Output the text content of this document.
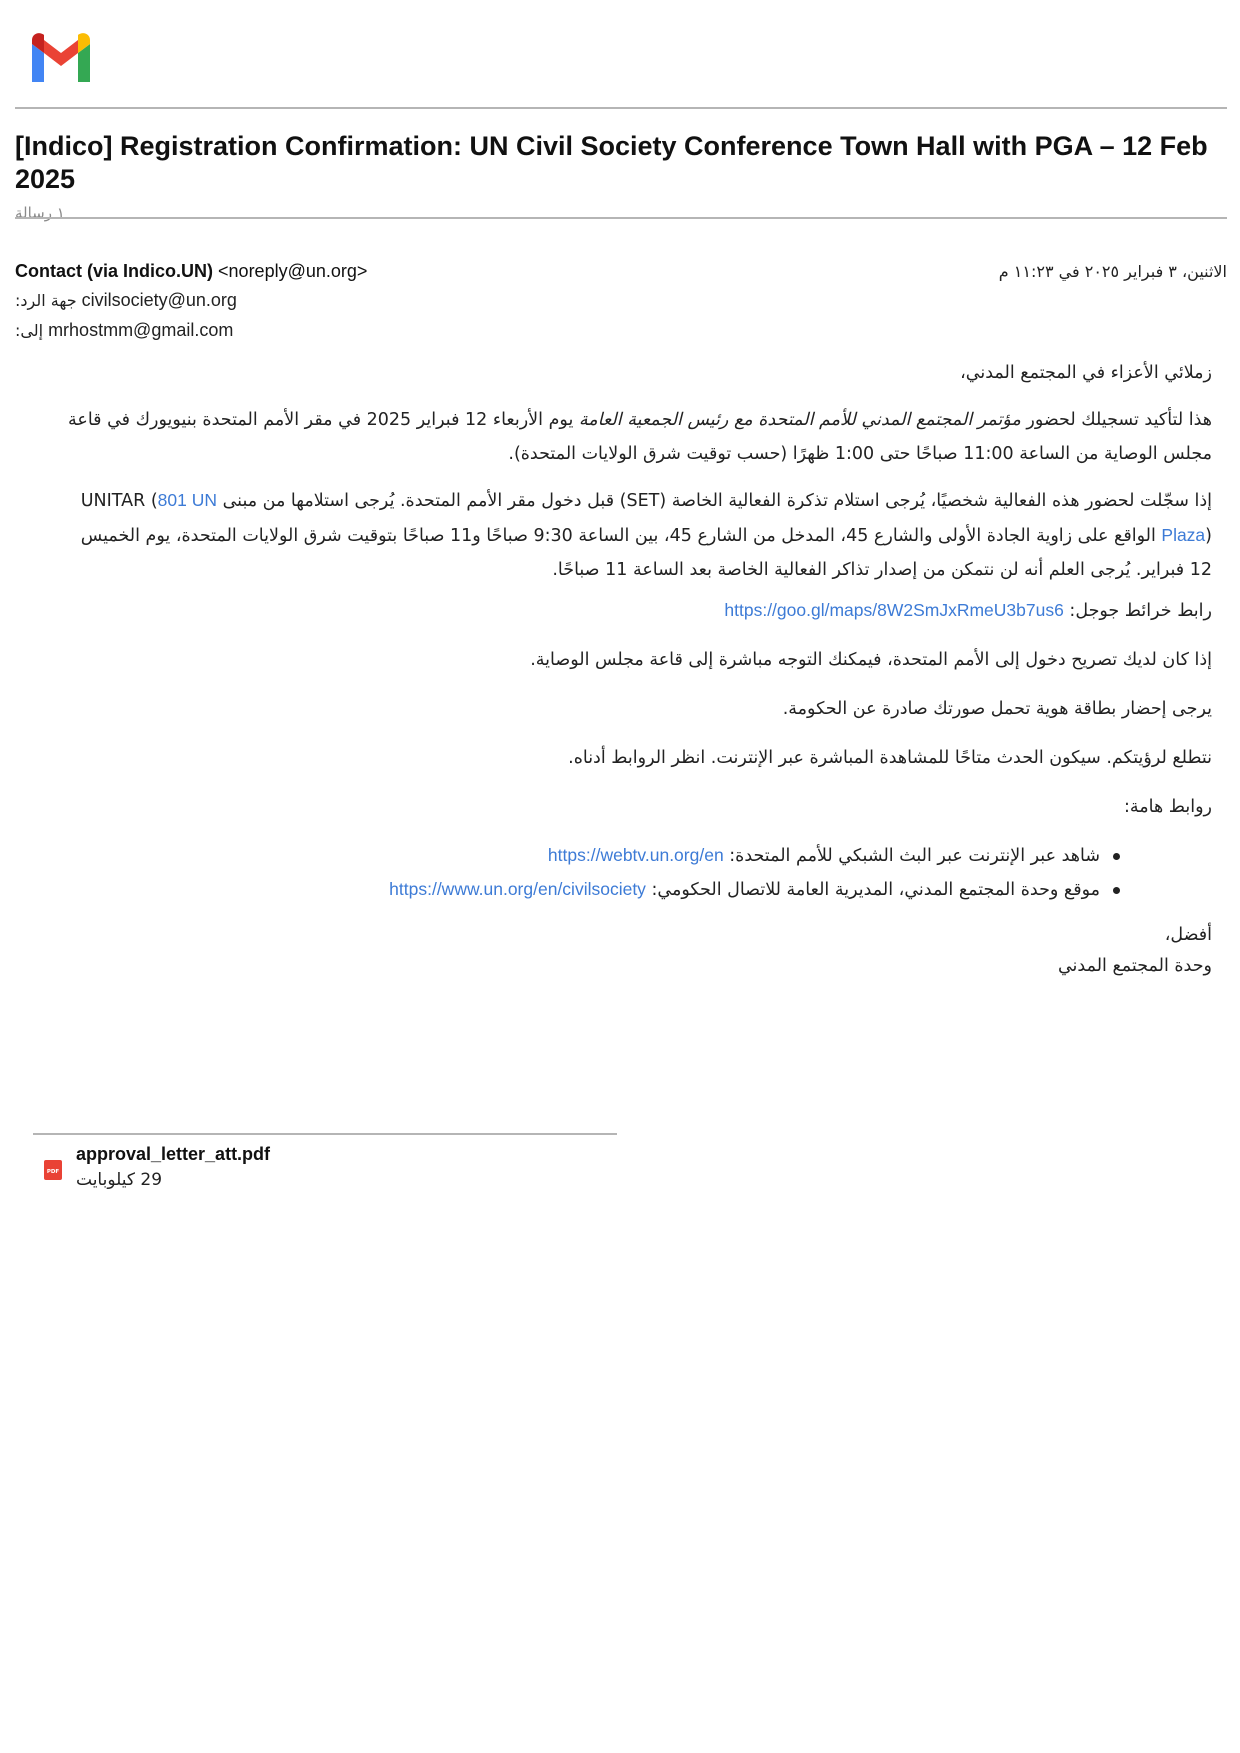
[Indico] Registration Confirmation: UN Civil Society Conference Town Hall with PGA – 12 Feb 2025
١ رسالة
Contact (via Indico.UN) <noreply@un.org>	الاثنين، ٣ فبراير ٢٠٢٥ في ١١:٢٣ م
جهة الرد: civilsociety@un.org
إلى: mrhostmm@gmail.com
زملائي الأعزاء في المجتمع المدني،
هذا لتأكيد تسجيلك لحضور مؤتمر المجتمع المدني للأمم المتحدة مع رئيس الجمعية العامة يوم الأربعاء 12 فبراير 2025 في مقر الأمم المتحدة بنيويورك في قاعة مجلس الوصاية من الساعة 11:00 صباحًا حتى 1:00 ظهرًا (حسب توقيت شرق الولايات المتحدة).
إذا سجّلت لحضور هذه الفعالية شخصيًا، يُرجى استلام تذكرة الفعالية الخاصة (SET) قبل دخول مقر الأمم المتحدة. يُرجى استلامها من مبنى UNITAR (801 UN Plaza) الواقع على زاوية الجادة الأولى والشارع 45، المدخل من الشارع 45، بين الساعة 9:30 صباحًا و11 صباحًا بتوقيت شرق الولايات المتحدة، يوم الخميس 12 فبراير. يُرجى العلم أنه لن نتمكن من إصدار تذاكر الفعالية الخاصة بعد الساعة 11 صباحًا.
رابط خرائط جوجل: https://goo.gl/maps/8W2SmJxRmeU3b7us6
إذا كان لديك تصريح دخول إلى الأمم المتحدة، فيمكنك التوجه مباشرة إلى قاعة مجلس الوصاية.
يرجى إحضار بطاقة هوية تحمل صورتك صادرة عن الحكومة.
نتطلع لرؤيتكم. سيكون الحدث متاحًا للمشاهدة المباشرة عبر الإنترنت. انظر الروابط أدناه.
روابط هامة:
شاهد عبر الإنترنت عبر البث الشبكي للأمم المتحدة: https://webtv.un.org/en
موقع وحدة المجتمع المدني، المديرية العامة للاتصال الحكومي: https://www.un.org/en/civilsociety
أفضل،
وحدة المجتمع المدني
PDF
approval_letter_att.pdf
29 كيلوبايت
